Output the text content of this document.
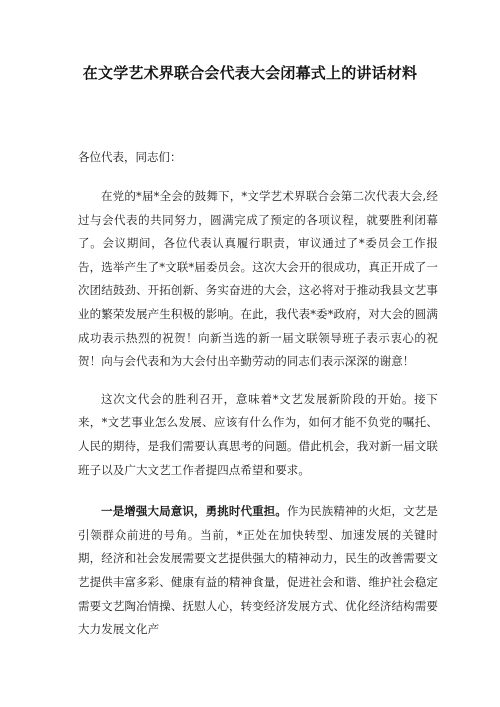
在文学艺术界联合会代表大会闭幕式上的讲话材料
各位代表，同志们：

在党的*届*全会的鼓舞下，*文学艺术界联合会第二次代表大会,经过与会代表的共同努力，圆满完成了预定的各项议程，就要胜利闭幕了。会议期间，各位代表认真履行职责，审议通过了*委员会工作报告，选举产生了*文联*届委员会。这次大会开的很成功，真正开成了一次团结鼓劲、开拓创新、务实奋进的大会，这必将对于推动我县文艺事业的繁荣发展产生积极的影响。在此，我代表*委*政府，对大会的圆满成功表示热烈的祝贺！向新当选的新一届文联领导班子表示衷心的祝贺！向与会代表和为大会付出辛勤劳动的同志们表示深深的谢意！

这次文代会的胜利召开，意味着*文艺发展新阶段的开始。接下来，*文艺事业怎么发展、应该有什么作为，如何才能不负党的嘱托、人民的期待，是我们需要认真思考的问题。借此机会，我对新一届文联班子以及广大文艺工作者提四点希望和要求。

一是增强大局意识，勇挑时代重担。作为民族精神的火炬，文艺是引领群众前进的号角。当前，*正处在加快转型、加速发展的关键时期，经济和社会发展需要文艺提供强大的精神动力，民生的改善需要文艺提供丰富多彩、健康有益的精神食量，促进社会和谐、维护社会稳定需要文艺陶冶情操、抚慰人心，转变经济发展方式、优化经济结构需要大力发展文化产
